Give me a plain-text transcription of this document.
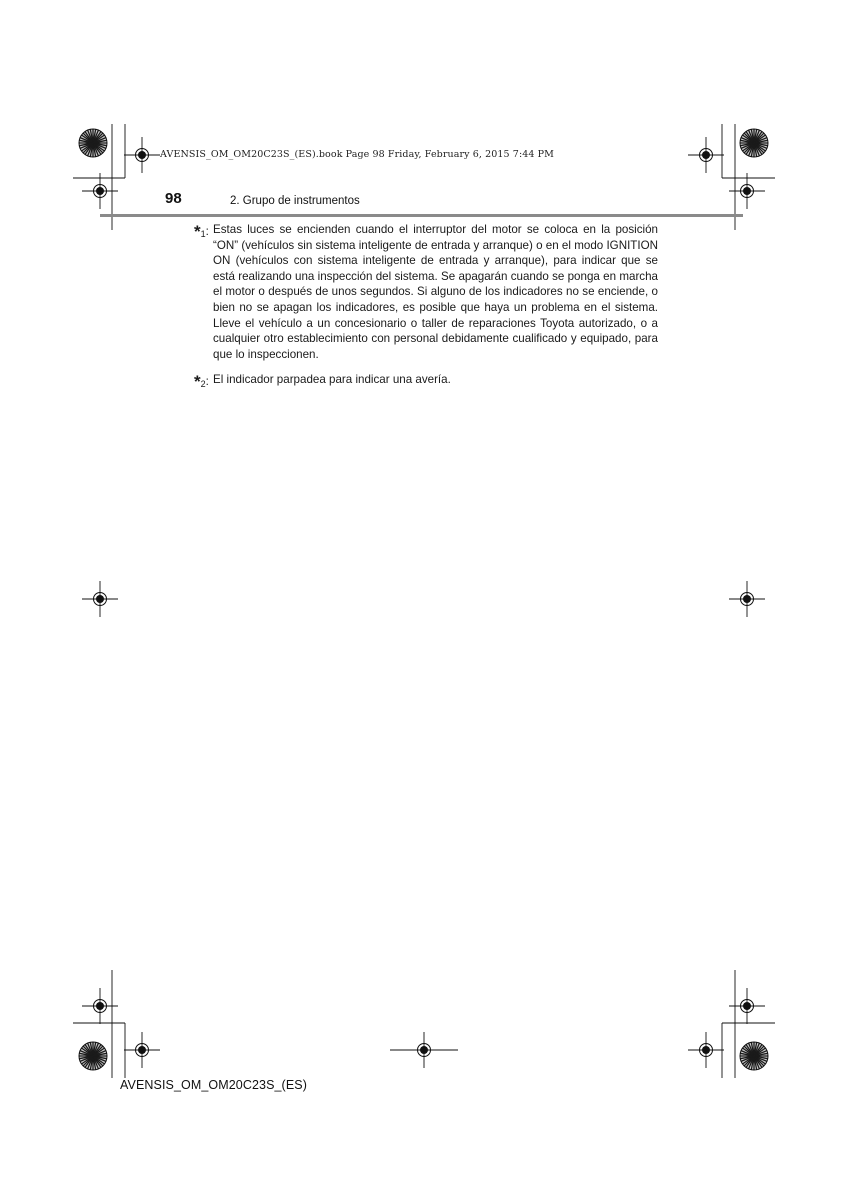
AVENSIS_OM_OM20C23S_(ES).book Page 98 Friday, February 6, 2015 7:44 PM
98	2. Grupo de instrumentos
*1: Estas luces se encienden cuando el interruptor del motor se coloca en la posición “ON” (vehículos sin sistema inteligente de entrada y arranque) o en el modo IGNITION ON (vehículos con sistema inteligente de entrada y arranque), para indicar que se está realizando una inspección del sistema. Se apagarán cuando se ponga en marcha el motor o después de unos segundos. Si alguno de los indicadores no se enciende, o bien no se apagan los indicadores, es posible que haya un problema en el sistema. Lleve el vehículo a un concesionario o taller de reparaciones Toyota autorizado, o a cualquier otro establecimiento con personal debidamente cualificado y equipado, para que lo inspeccionen.
*2: El indicador parpadea para indicar una avería.
AVENSIS_OM_OM20C23S_(ES)
